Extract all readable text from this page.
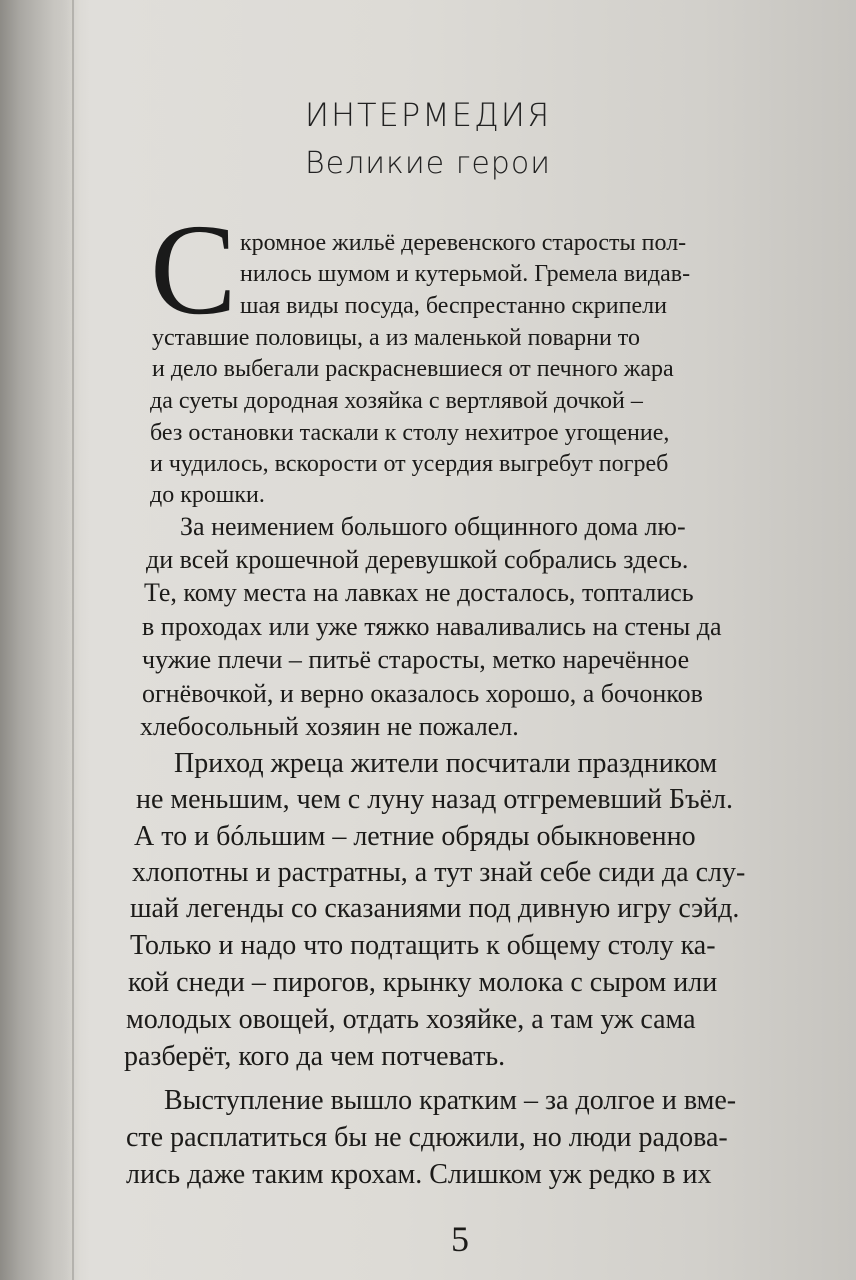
ИНТЕРМЕДИЯ
Великие герои
С кромное жильё деревенского старосты пол-
нилось шумом и кутерьмой. Гремела видав-
шая виды посуда, беспрестанно скрипели
уставшие половицы, а из маленькой поварни то
и дело выбегали раскрасневшиеся от печного жара
да суеты дородная хозяйка с вертлявой дочкой –
без остановки таскали к столу нехитрое угощение,
и чудилось, вскорости от усердия выгребут погреб
до крошки.
За неимением большого общинного дома лю-
ди всей крошечной деревушкой собрались здесь.
Те, кому места на лавках не досталось, топтались
в проходах или уже тяжко наваливались на стены да
чужие плечи – питьё старосты, метко наречённое
огнёвочкой, и верно оказалось хорошо, а бочонков
хлебосольный хозяин не пожалел.
Приход жреца жители посчитали праздником
не меньшим, чем с луну назад отгремевший Бъёл.
А то и бóльшим – летние обряды обыкновенно
хлопотны и растратны, а тут знай себе сиди да слу-
шай легенды со сказаниями под дивную игру сэйд.
Только и надо что подтащить к общему столу ка-
кой снеди – пирогов, крынку молока с сыром или
молодых овощей, отдать хозяйке, а там уж сама
разберёт, кого да чем потчевать.
Выступление вышло кратким – за долгое и вме-
сте расплатиться бы не сдюжили, но люди радова-
лись даже таким крохам. Слишком уж редко в их
5
